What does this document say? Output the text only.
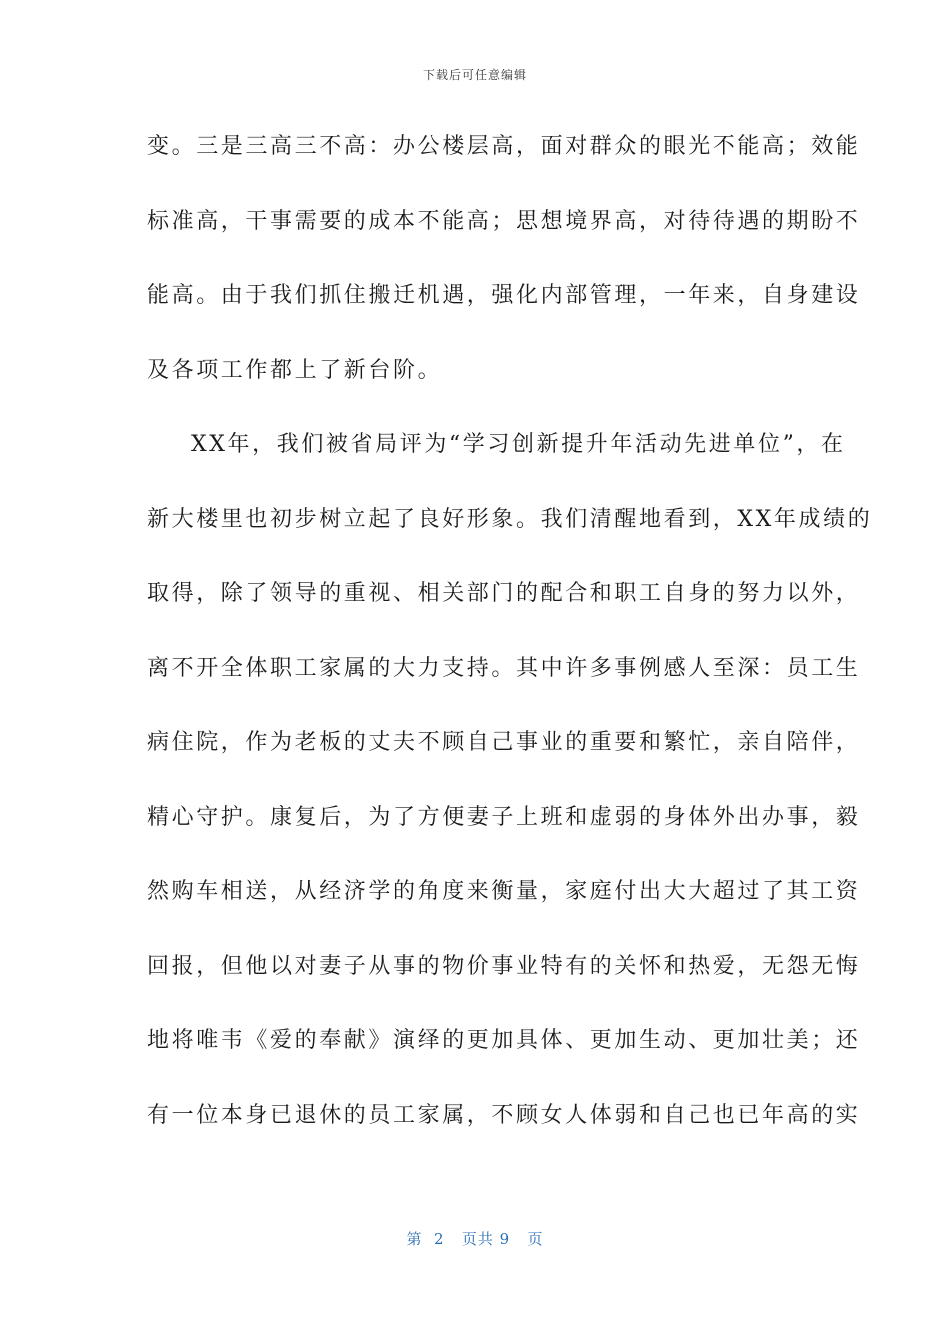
下载后可任意编辑
变。三是三高三不高：办公楼层高，面对群众的眼光不能高；效能
标准高，干事需要的成本不能高；思想境界高，对待待遇的期盼不
能高。由于我们抓住搬迁机遇，强化内部管理，一年来，自身建设
及各项工作都上了新台阶。
XX年，我们被省局评为“学习创新提升年活动先进单位”，在
新大楼里也初步树立起了良好形象。我们清醒地看到，XX年成绩的
取得，除了领导的重视、相关部门的配合和职工自身的努力以外，
离不开全体职工家属的大力支持。其中许多事例感人至深：员工生
病住院，作为老板的丈夫不顾自己事业的重要和繁忙，亲自陪伴，
精心守护。康复后，为了方便妻子上班和虚弱的身体外出办事，毅
然购车相送，从经济学的角度来衡量，家庭付出大大超过了其工资
回报，但他以对妻子从事的物价事业特有的关怀和热爱，无怨无悔
地将唯韦《爱的奉献》演绎的更加具体、更加生动、更加壮美；还
有一位本身已退休的员工家属，不顾女人体弱和自己也已年高的实
第  2   页共 9   页
